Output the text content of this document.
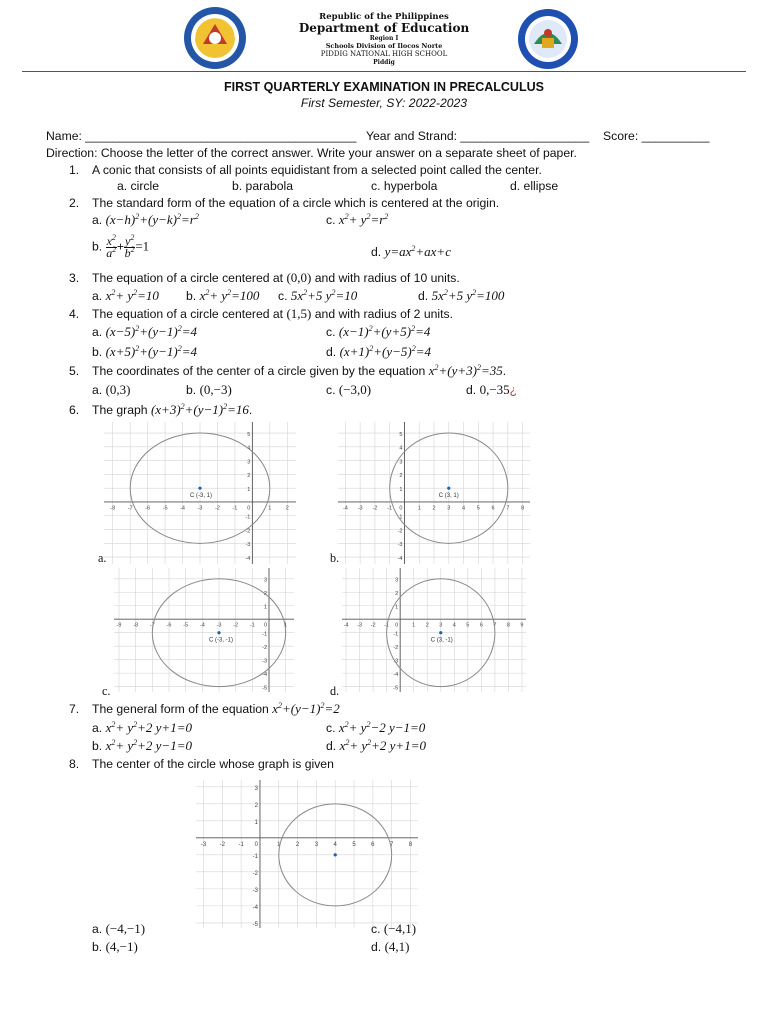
Republic of the Philippines
Department of Education
Region I
Schools Division of Ilocos Norte
PIDDIG NATIONAL HIGH SCHOOL
Piddig
FIRST QUARTERLY EXAMINATION IN PRECALCULUS
First Semester, SY: 2022-2023
Name: ________________________________________ Year and Strand: ___________________ Score: __________
Direction: Choose the letter of the correct answer. Write your answer on a separate sheet of paper.
1. A conic that consists of all points equidistant from a selected point called the center.
a. circle	b. parabola	c. hyperbola	d. ellipse
2. The standard form of the equation of a circle which is centered at the origin.
a. $(x-h)^2+(y-k)^2=r^2$	c. $x^2+ y^2=r^2$
b. $\frac{x^2}{a^2} + \frac{y^2}{b^2} =1$	d. $y=ax^2+ax+c$
3. The equation of a circle centered at (0,0) and with radius of 10 units.
a. $x^2+ y^2=10$ b. $x^2+ y^2=100$ c. $5x^2+5$ $y^2=10$	d. $5x^2+5$ $y^2=100$
4. The equation of a circle centered at (1,5) and with radius of 2 units.
a. $(x-5)^2+(y-1)^2=4$	c. $(x-1)^2+(y+5)^2=4$
b. $(x+5)^2+(y-1)^2=4$	d. $(x+1)^2+(y-5)^2=4$
5. The coordinates of the center of a circle given by the equation $x^2+(y+3)^2=35$.
a. (0,3)	b. (0,−3)	c. (−3,0)	d. 0,−35¿
6. The graph $(x+3)^2+(y-1)^2=16$.
-8 -7 -6 -5 -4 -3 -2 -1	1	2
-4
-3
-2
-1
1
2
3
4
5
0
C (-3, 1)
a.
-4 -3 -2 -1	1 2 3 4 5 6 7 8
-4
-3
-2
-1
1
2
3
4
5
0
C (3, 1)
b.
-9 -8 -7 -6 -5 -4 -3 -2 -1	1
-5
-4
-3
-2
-1
1
2
3
0
C (-3, -1)
c.
-4 -3 -2 -1	1 2 3 4 5 6 7 8 9
-5
-4
-3
-2
-1
1
2
3
0
C (3, -1)
d.
7. The general form of the equation $x^2+(y-1)^2=2$
a. $x^2+ y^2+2$ y+1=0	c. $x^2+ y^2-2$ y−1=0
b. $x^2+ y^2+2$ y−1=0	d. $x^2+ y^2+2$ y+1=0
8. The center of the circle whose graph is given
-3 -2 -1	1	2	3	4	5	6	7	8
-5
-4
-3
-2
-1
1
2
3
0
a. (−4,−1)	c. (−4,1)
b. (4,−1)	d. (4,1)
